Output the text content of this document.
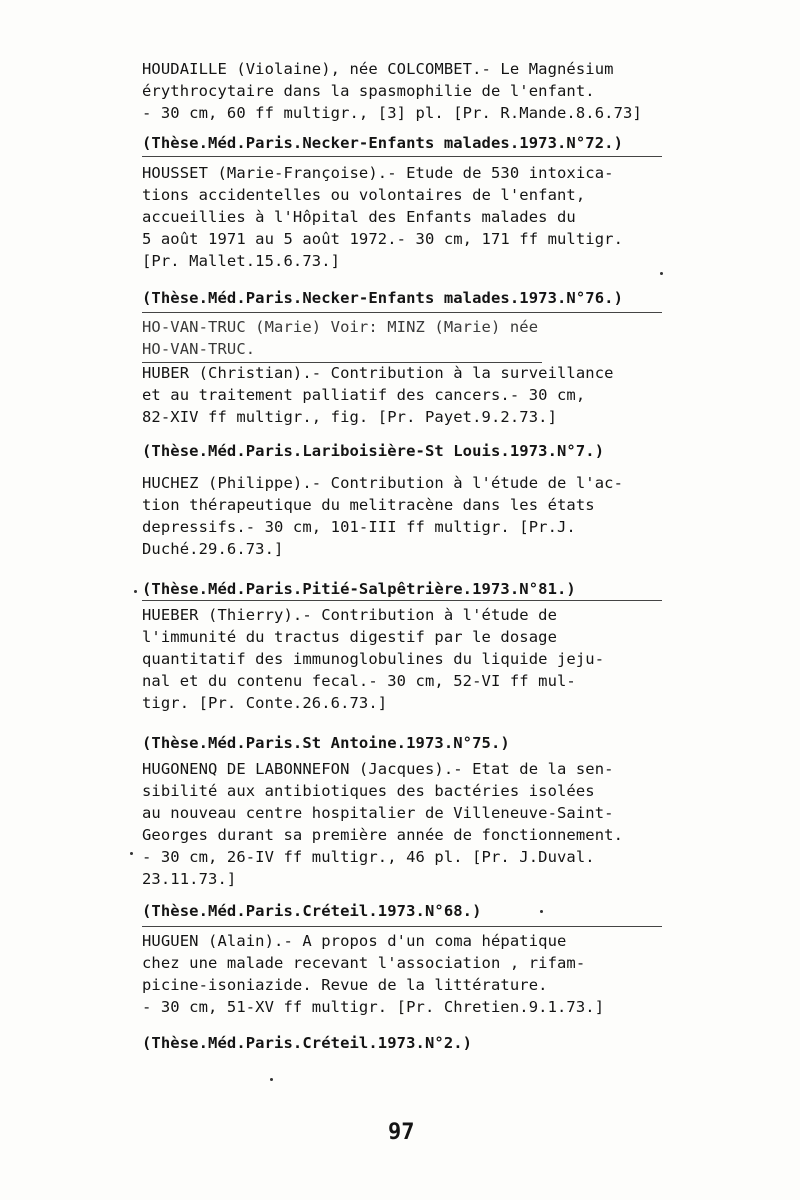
HOUDAILLE (Violaine), née COLCOMBET.- Le Magnésium
érythrocytaire dans la spasmophilie de l'enfant.
- 30 cm, 60 ff multigr., [3] pl. [Pr. R.Mande.8.6.73]
(Thèse.Méd.Paris.Necker-Enfants malades.1973.N°72.)
HOUSSET (Marie-Françoise).- Etude de 530 intoxica-
tions accidentelles ou volontaires de l'enfant,
accueillies à l'Hôpital des Enfants malades du
5 août 1971 au 5 août 1972.- 30 cm, 171 ff multigr.
[Pr. Mallet.15.6.73.]
(Thèse.Méd.Paris.Necker-Enfants malades.1973.N°76.)
HO-VAN-TRUC (Marie) Voir: MINZ (Marie) née
HO-VAN-TRUC.
HUBER (Christian).- Contribution à la surveillance
et au traitement palliatif des cancers.- 30 cm,
82-XIV ff multigr., fig. [Pr. Payet.9.2.73.]
(Thèse.Méd.Paris.Lariboisière-St Louis.1973.N°7.)
HUCHEZ (Philippe).- Contribution à l'étude de l'ac-
tion thérapeutique du melitracène dans les états
depressifs.- 30 cm, 101-III ff multigr. [Pr.J.
Duché.29.6.73.]
(Thèse.Méd.Paris.Pitié-Salpêtrière.1973.N°81.)
HUEBER (Thierry).- Contribution à l'étude de
l'immunité du tractus digestif par le dosage
quantitatif des immunoglobulines du liquide jeju-
nal et du contenu fecal.- 30 cm, 52-VI ff mul-
tigr. [Pr. Conte.26.6.73.]
(Thèse.Méd.Paris.St Antoine.1973.N°75.)
HUGONENQ DE LABONNEFON (Jacques).- Etat de la sen-
sibilité aux antibiotiques des bactéries isolées
au nouveau centre hospitalier de Villeneuve-Saint-
Georges durant sa première année de fonctionnement.
- 30 cm, 26-IV ff multigr., 46 pl. [Pr. J.Duval.
23.11.73.]
(Thèse.Méd.Paris.Créteil.1973.N°68.)
HUGUEN (Alain).- A propos d'un coma hépatique
chez une malade recevant l'association , rifam-
picine-isoniazide. Revue de la littérature.
- 30 cm, 51-XV ff multigr. [Pr. Chretien.9.1.73.]
(Thèse.Méd.Paris.Créteil.1973.N°2.)
97
